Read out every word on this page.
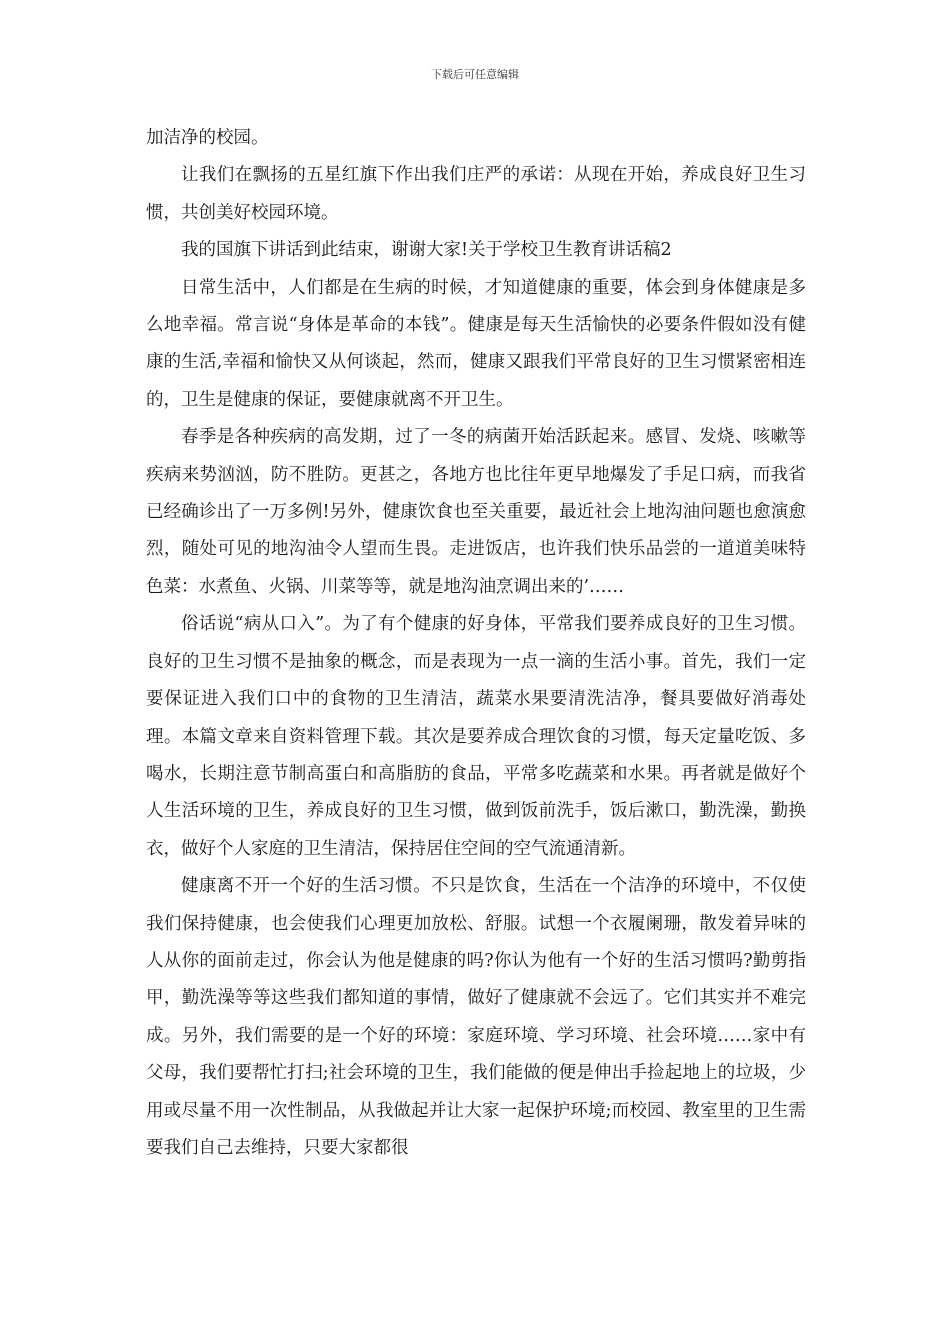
下载后可任意编辑

加洁净的校园。

让我们在飘扬的五星红旗下作出我们庄严的承诺：从现在开始，养成良好卫生习惯，共创美好校园环境。

我的国旗下讲话到此结束，谢谢大家!关于学校卫生教育讲话稿2

日常生活中，人们都是在生病的时候，才知道健康的重要，体会到身体健康是多么地幸福。常言说“身体是革命的本钱”。健康是每天生活愉快的必要条件假如没有健康的生活,幸福和愉快又从何谈起，然而，健康又跟我们平常良好的卫生习惯紧密相连的，卫生是健康的保证，要健康就离不开卫生。

春季是各种疾病的高发期，过了一冬的病菌开始活跃起来。感冒、发烧、咳嗽等疾病来势汹汹，防不胜防。更甚之，各地方也比往年更早地爆发了手足口病，而我省已经确诊出了一万多例!另外，健康饮食也至关重要，最近社会上地沟油问题也愈演愈烈，随处可见的地沟油令人望而生畏。走进饭店，也许我们快乐品尝的一道道美味特色菜：水煮鱼、火锅、川菜等等，就是地沟油烹调出来的’……

俗话说“病从口入”。为了有个健康的好身体，平常我们要养成良好的卫生习惯。良好的卫生习惯不是抽象的概念，而是表现为一点一滴的生活小事。首先，我们一定要保证进入我们口中的食物的卫生清洁，蔬菜水果要清洗洁净，餐具要做好消毒处理。本篇文章来自资料管理下载。其次是要养成合理饮食的习惯，每天定量吃饭、多喝水，长期注意节制高蛋白和高脂肪的食品，平常多吃蔬菜和水果。再者就是做好个人生活环境的卫生，养成良好的卫生习惯，做到饭前洗手，饭后漱口，勤洗澡，勤换衣，做好个人家庭的卫生清洁，保持居住空间的空气流通清新。

健康离不开一个好的生活习惯。不只是饮食，生活在一个洁净的环境中，不仅使我们保持健康，也会使我们心理更加放松、舒服。试想一个衣履阑珊，散发着异味的人从你的面前走过，你会认为他是健康的吗?你认为他有一个好的生活习惯吗?勤剪指甲，勤洗澡等等这些我们都知道的事情，做好了健康就不会远了。它们其实并不难完成。另外，我们需要的是一个好的环境：家庭环境、学习环境、社会环境……家中有父母，我们要帮忙打扫;社会环境的卫生，我们能做的便是伸出手捡起地上的垃圾，少用或尽量不用一次性制品，从我做起并让大家一起保护环境;而校园、教室里的卫生需要我们自己去维持，只要大家都很
